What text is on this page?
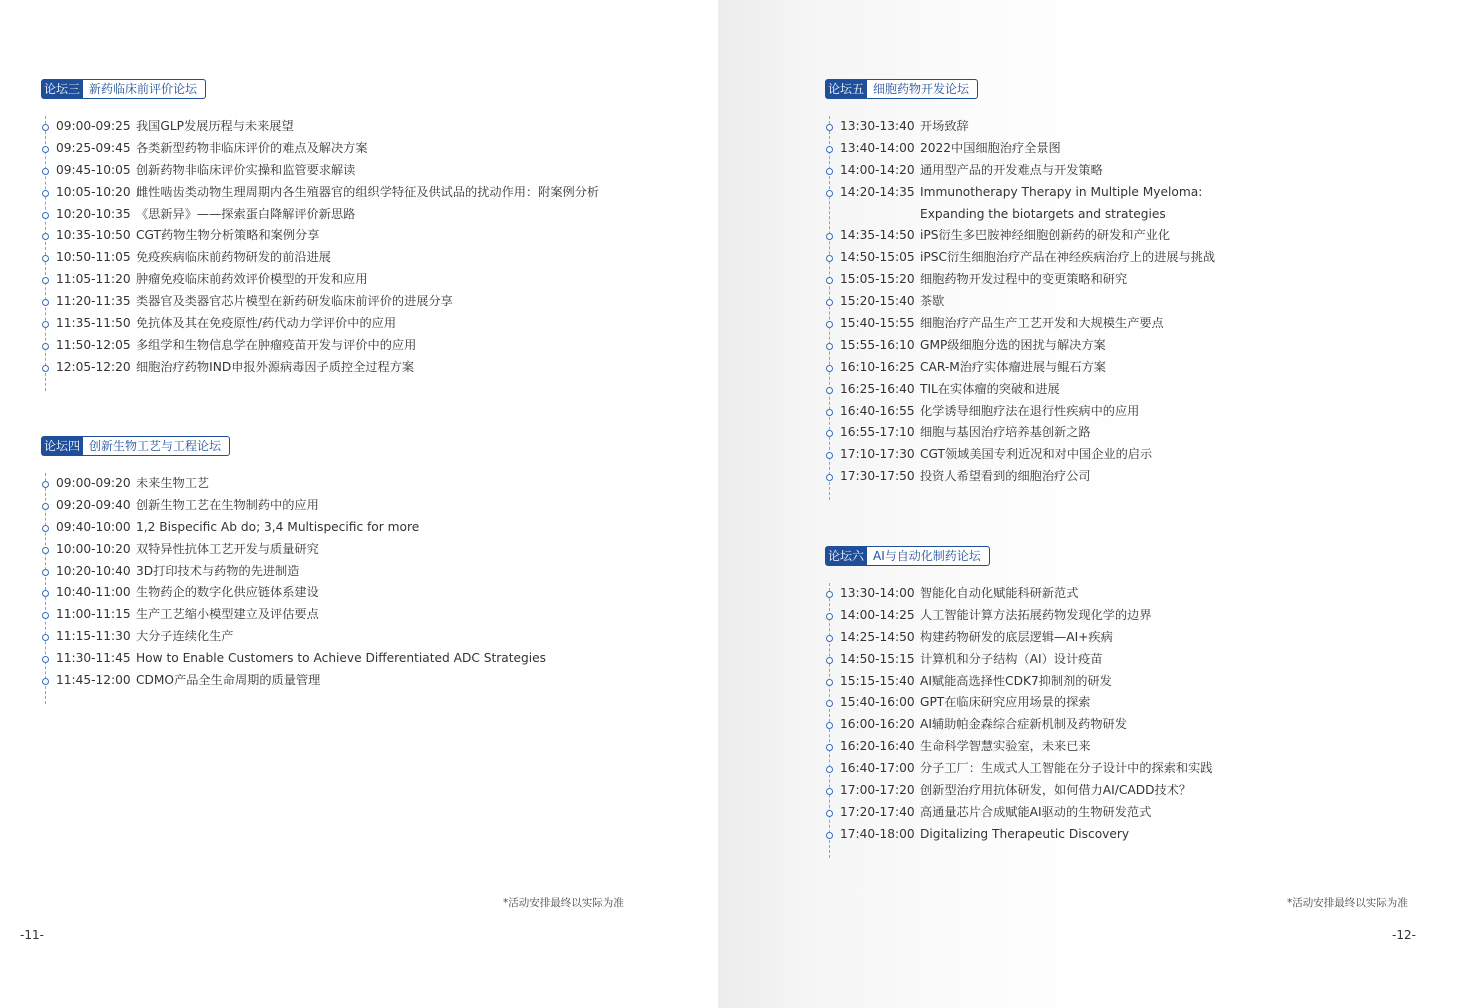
论坛三 新药临床前评价论坛
09:00-09:25 我国GLP发展历程与未来展望
09:25-09:45 各类新型药物非临床评价的难点及解决方案
09:45-10:05 创新药物非临床评价实操和监管要求解读
10:05-10:20 雌性啮齿类动物生理周期内各生殖器官的组织学特征及供试品的扰动作用：附案例分析
10:20-10:35 《思新异》——探索蛋白降解评价新思路
10:35-10:50 CGT药物生物分析策略和案例分享
10:50-11:05 免疫疾病临床前药物研发的前沿进展
11:05-11:20 肿瘤免疫临床前药效评价模型的开发和应用
11:20-11:35 类器官及类器官芯片模型在新药研发临床前评价的进展分享
11:35-11:50 免抗体及其在免疫原性/药代动力学评价中的应用
11:50-12:05 多组学和生物信息学在肿瘤疫苗开发与评价中的应用
12:05-12:20 细胞治疗药物IND申报外源病毒因子质控全过程方案
论坛四 创新生物工艺与工程论坛
09:00-09:20 未来生物工艺
09:20-09:40 创新生物工艺在生物制药中的应用
09:40-10:00 1,2 Bispecific Ab do; 3,4 Multispecific for more
10:00-10:20 双特异性抗体工艺开发与质量研究
10:20-10:40 3D打印技术与药物的先进制造
10:40-11:00 生物药企的数字化供应链体系建设
11:00-11:15 生产工艺缩小模型建立及评估要点
11:15-11:30 大分子连续化生产
11:30-11:45 How to Enable Customers to Achieve Differentiated ADC Strategies
11:45-12:00 CDMO产品全生命周期的质量管理
*活动安排最终以实际为准
-11-
论坛五 细胞药物开发论坛
13:30-13:40 开场致辞
13:40-14:00 2022中国细胞治疗全景图
14:00-14:20 通用型产品的开发难点与开发策略
14:20-14:35 Immunotherapy Therapy in Multiple Myeloma:
Expanding the biotargets and strategies
14:35-14:50 iPS衍生多巴胺神经细胞创新药的研发和产业化
14:50-15:05 iPSC衍生细胞治疗产品在神经疾病治疗上的进展与挑战
15:05-15:20 细胞药物开发过程中的变更策略和研究
15:20-15:40 茶歇
15:40-15:55 细胞治疗产品生产工艺开发和大规模生产要点
15:55-16:10 GMP级细胞分选的困扰与解决方案
16:10-16:25 CAR-M治疗实体瘤进展与鲲石方案
16:25-16:40 TIL在实体瘤的突破和进展
16:40-16:55 化学诱导细胞疗法在退行性疾病中的应用
16:55-17:10 细胞与基因治疗培养基创新之路
17:10-17:30 CGT领域美国专利近况和对中国企业的启示
17:30-17:50 投资人希望看到的细胞治疗公司
论坛六 AI与自动化制药论坛
13:30-14:00 智能化自动化赋能科研新范式
14:00-14:25 人工智能计算方法拓展药物发现化学的边界
14:25-14:50 构建药物研发的底层逻辑—AI+疾病
14:50-15:15 计算机和分子结构（AI）设计疫苗
15:15-15:40 AI赋能高选择性CDK7抑制剂的研发
15:40-16:00 GPT在临床研究应用场景的探索
16:00-16:20 AI辅助帕金森综合症新机制及药物研发
16:20-16:40 生命科学智慧实验室，未来已来
16:40-17:00 分子工厂：生成式人工智能在分子设计中的探索和实践
17:00-17:20 创新型治疗用抗体研发，如何借力AI/CADD技术？
17:20-17:40 高通量芯片合成赋能AI驱动的生物研发范式
17:40-18:00 Digitalizing Therapeutic Discovery
*活动安排最终以实际为准
-12-
